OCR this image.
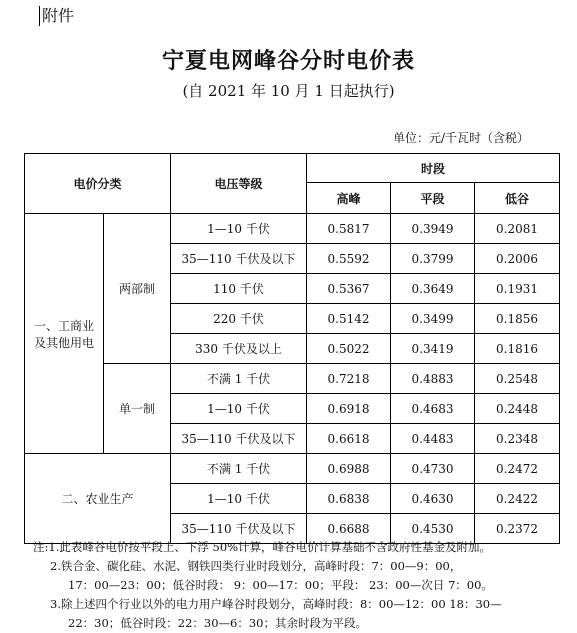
附件
宁夏电网峰谷分时电价表
(自 2021 年 10 月 1 日起执行)
单位：元/千瓦时（含税）
电价分类		电压等级	时段		
			高峰	平段	低谷
一、工商业及其他用电	两部制	1—10 千伏	0.5817	0.3949	0.2081
		35—110 千伏及以下	0.5592	0.3799	0.2006
		110 千伏	0.5367	0.3649	0.1931
		220 千伏	0.5142	0.3499	0.1856
		330 千伏及以上	0.5022	0.3419	0.1816
	单一制	不满 1 千伏	0.7218	0.4883	0.2548
		1—10 千伏	0.6918	0.4683	0.2448
		35—110 千伏及以下	0.6618	0.4483	0.2348
二、农业生产		不满 1 千伏	0.6988	0.4730	0.2472
		1—10 千伏	0.6838	0.4630	0.2422
		35—110 千伏及以下	0.6688	0.4530	0.2372
注:1.此表峰谷电价按平段上、下浮 50%计算，峰谷电价计算基础不含政府性基金及附加。
2.铁合金、碳化硅、水泥、钢铁四类行业时段划分，高峰时段：7：00—9：00，
17：00—23：00；低谷时段： 9：00—17：00；平段： 23：00—次日 7：00。
3.除上述四个行业以外的电力用户峰谷时段划分，高峰时段：8：00—12：00 18：30—
22：30；低谷时段：22：30—6：30；其余时段为平段。
